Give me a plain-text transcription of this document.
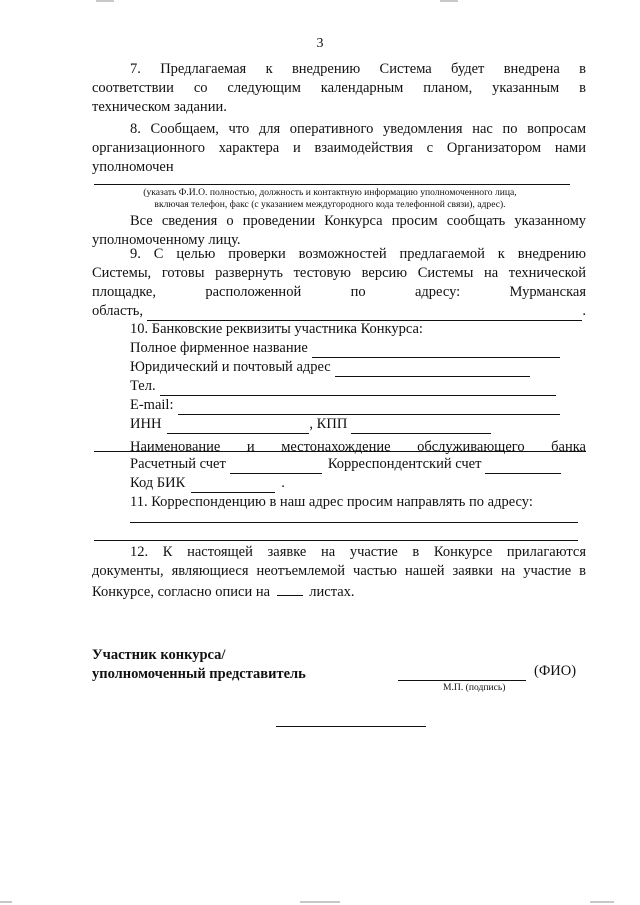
3
7. Предлагаемая к внедрению Система будет внедрена в
соответствии со следующим календарным планом, указанным в
техническом задании.
8. Сообщаем, что для оперативного уведомления нас по вопросам
организационного характера и взаимодействия с Организатором нами
уполномочен
(указать Ф.И.О. полностью, должность и контактную информацию уполномоченного лица,
включая телефон, факс (с указанием междугородного кода телефонной связи), адрес).
Все сведения о проведении Конкурса просим сообщать указанному
уполномоченному лицу.
9. С целью проверки возможностей предлагаемой к внедрению
Системы, готовы развернуть тестовую версию Системы на технической
площадке, расположенной по адресу: Мурманская
область,	.
10. Банковские реквизиты участника Конкурса:
Полное фирменное название
Юридический и почтовый адрес
Тел.
E-mail:
ИНН	, КПП
Наименование и местонахождение обслуживающего банка
Расчетный счет	Корреспондентский счет
Код БИК	.
11. Корреспонденцию в наш адрес просим направлять по адресу:
12. К настоящей заявке на участие в Конкурсе прилагаются
документы, являющиеся неотъемлемой частью нашей заявки на участие в
Конкурсе, согласно описи на	листах.
Участник конкурса/
уполномоченный представитель	(ФИО)
М.П. (подпись)
